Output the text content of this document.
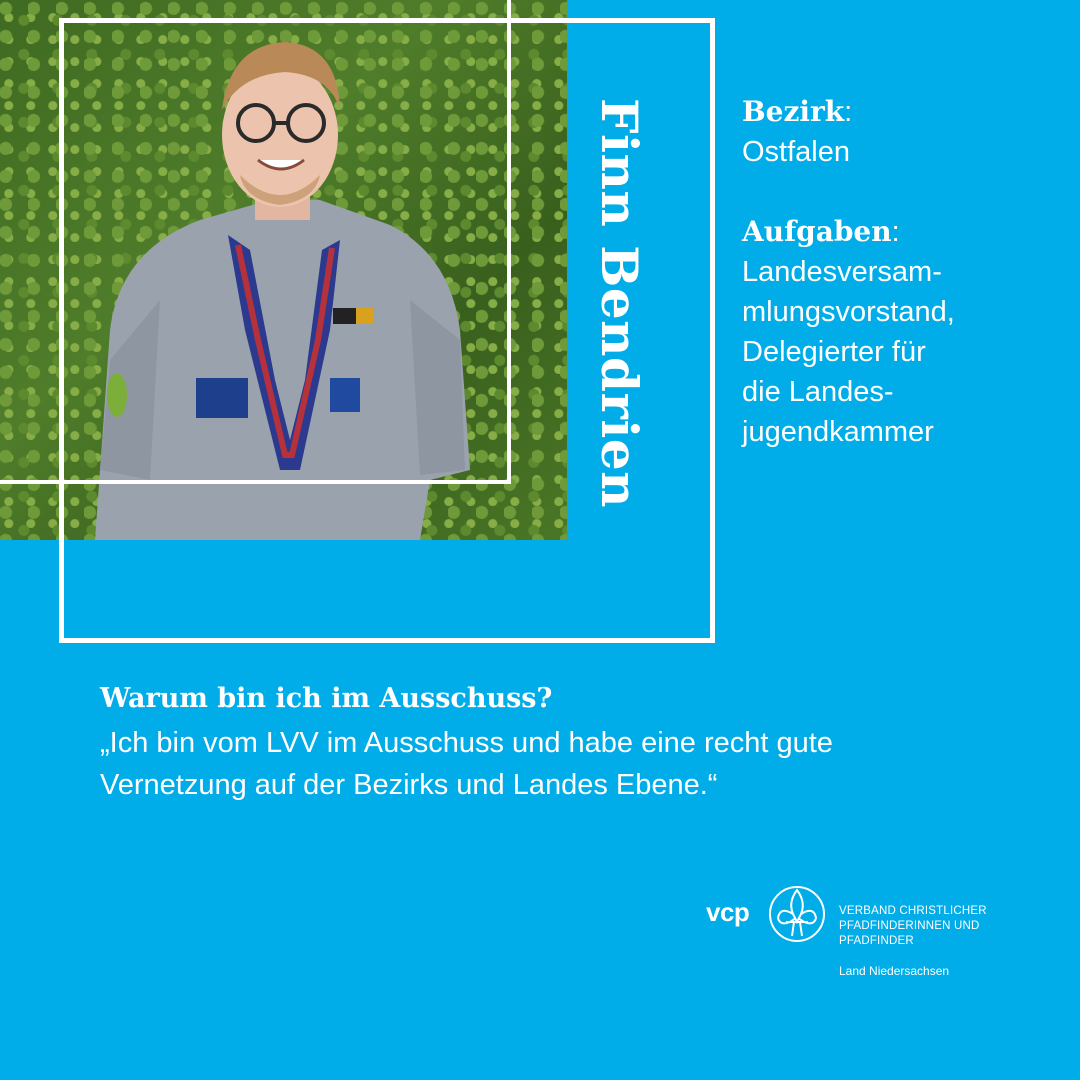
Finn Bendrien	Bezirk:
Ostfalen
Aufgaben:
Landesversam-
mlungsvorstand,
Delegierter für
die Landes-
jugendkammer
Warum bin ich im Ausschuss?
„Ich bin vom LVV im Ausschuss und habe eine recht gute
Vernetzung auf der Bezirks und Landes Ebene.“
vcp	VERBAND CHRISTLICHER
PFADFINDERINNEN UND
PFADFINDER
Land Niedersachsen
